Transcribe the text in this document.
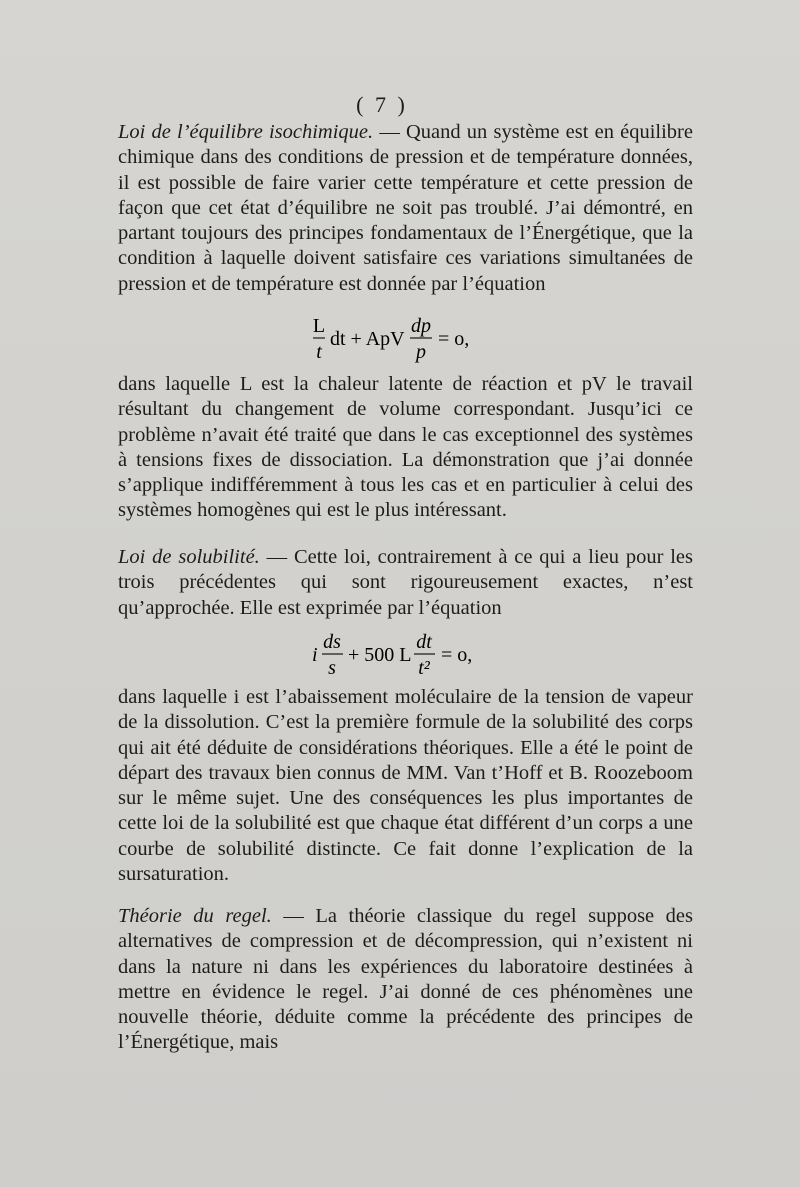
( 7 )

Loi de l’équilibre isochimique. — Quand un système est en équilibre chimique dans des conditions de pression et de température données, il est possible de faire varier cette température et cette pression de façon que cet état d’équilibre ne soit pas troublé. J’ai démontré, en partant toujours des principes fondamentaux de l’Énergétique, que la condition à laquelle doivent satisfaire ces variations simultanées de pression et de température est donnée par l’équation

L
t
dt + ApV
dp
p
= o,

dans laquelle L est la chaleur latente de réaction et pV le travail résultant du changement de volume correspondant. Jusqu’ici ce problème n’avait été traité que dans le cas exceptionnel des systèmes à tensions fixes de dissociation. La démonstration que j’ai donnée s’applique indifféremment à tous les cas et en particulier à celui des systèmes homogènes qui est le plus intéressant.

Loi de solubilité. — Cette loi, contrairement à ce qui a lieu pour les trois précédentes qui sont rigoureusement exactes, n’est qu’approchée. Elle est exprimée par l’équation

i
ds
s
+ 500 L
dt
t²
= o,

dans laquelle i est l’abaissement moléculaire de la tension de vapeur de la dissolution. C’est la première formule de la solubilité des corps qui ait été déduite de considérations théoriques. Elle a été le point de départ des travaux bien connus de MM. Van t’Hoff et B. Roozeboom sur le même sujet. Une des conséquences les plus importantes de cette loi de la solubilité est que chaque état différent d’un corps a une courbe de solubilité distincte. Ce fait donne l’explication de la sursaturation.

Théorie du regel. — La théorie classique du regel suppose des alternatives de compression et de décompression, qui n’existent ni dans la nature ni dans les expériences du laboratoire destinées à mettre en évidence le regel. J’ai donné de ces phénomènes une nouvelle théorie, déduite comme la précédente des principes de l’Énergétique, mais
